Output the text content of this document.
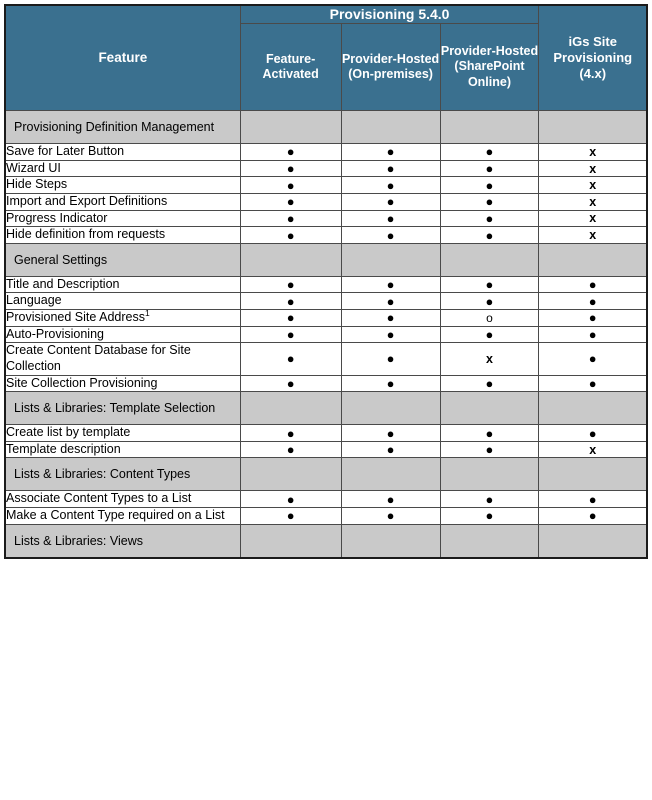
Feature	Provisioning 5.4.0			iGs Site Provisioning (4.x)
	Feature-Activated	Provider-Hosted (On-premises)	Provider-Hosted (SharePoint Online)	
Provisioning Definition Management				
Save for Later Button	●	●	●	x
Wizard UI	●	●	●	x
Hide Steps	●	●	●	x
Import and Export Definitions	●	●	●	x
Progress Indicator	●	●	●	x
Hide definition from requests	●	●	●	x
General Settings				
Title and Description	●	●	●	●
Language	●	●	●	●
Provisioned Site Address$^1$	●	●	o	●
Auto-Provisioning	●	●	●	●
Create Content Database for Site Collection	●	●	x	●
Site Collection Provisioning	●	●	●	●
Lists & Libraries: Template Selection				
Create list by template	●	●	●	●
Template description	●	●	●	x
Lists & Libraries: Content Types				
Associate Content Types to a List	●	●	●	●
Make a Content Type required on a List	●	●	●	●
Lists & Libraries: Views				
